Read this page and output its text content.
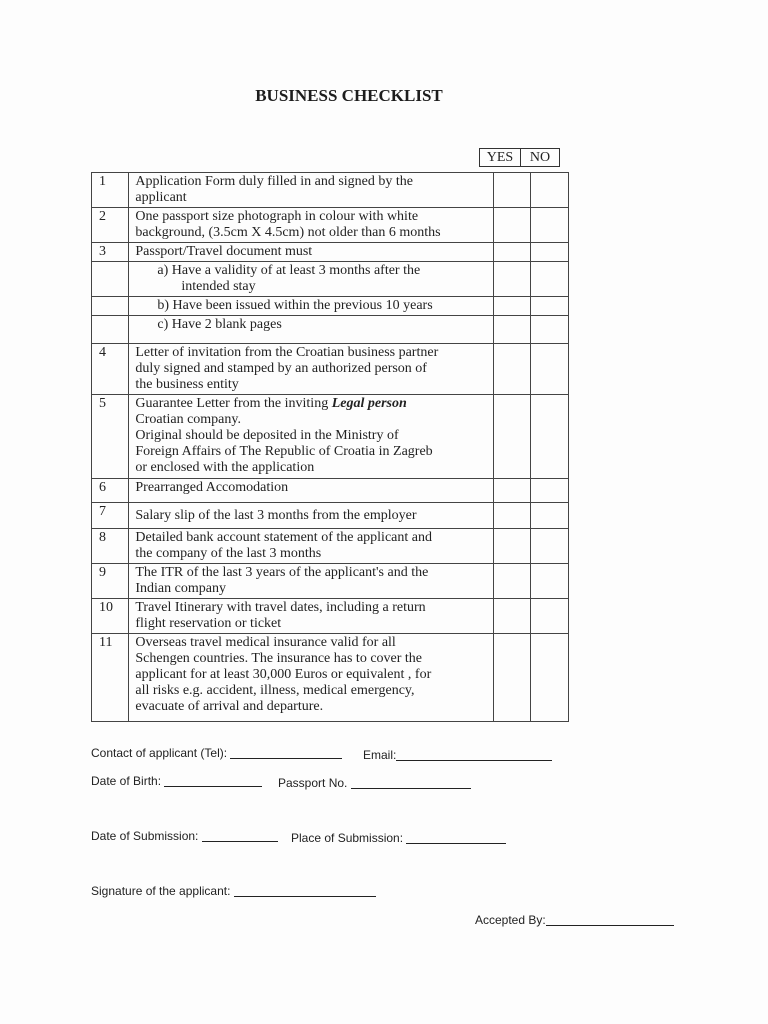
BUSINESS CHECKLIST
YES	NO
1	Application Form duly filled in and signed by the
applicant		

2	One passport size photograph in colour with white
background, (3.5cm X 4.5cm) not older than 6 months		

3	Passport/Travel document must		

	a) Have a validity of at least 3 months after the
intended stay		

	b) Have been issued within the previous 10 years		
	c) Have 2 blank pages		
4	Letter of invitation from the Croatian business partner
duly signed and stamped by an authorized person of
the business entity		

5	Guarantee Letter from the inviting Legal person
Croatian company.
Original should be deposited in the Ministry of
Foreign Affairs of The Republic of Croatia in Zagreb
or enclosed with the application		

6	Prearranged Accomodation		

7	Salary slip of the last 3 months from the employer		

8	Detailed bank account statement of the applicant and
the company of the last 3 months		

9	The ITR of the last 3 years of the applicant's and the
Indian company		

10	Travel Itinerary with travel dates, including a return
flight reservation or ticket		

11	Overseas travel medical insurance valid for all
Schengen countries. The insurance has to cover the
applicant for at least 30,000 Euros or equivalent , for
all risks e.g. accident, illness, medical emergency,
evacuate of arrival and departure.		

Contact of applicant (Tel):	Email:
Date of Birth:	Passport No.
Date of Submission:	Place of Submission:
Signature of the applicant:
Accepted By:
